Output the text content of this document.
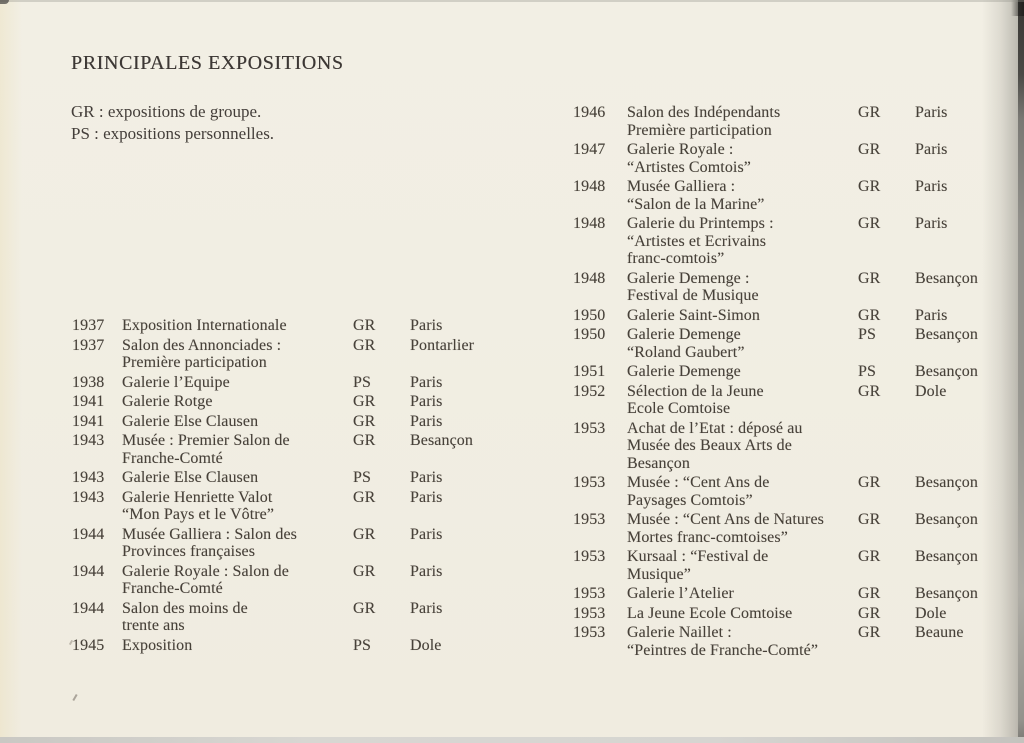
PRINCIPALES EXPOSITIONS
GR : expositions de groupe.
PS : expositions personnelles.
1937	Exposition Internationale	GR	Paris
1937	Salon des Annonciades :
Première participation
GR	Pontarlier
1938	Galerie l’Equipe	PS	Paris
1941	Galerie Rotge	GR	Paris
1941	Galerie Else Clausen	GR	Paris
1943	Musée : Premier Salon de
Franche-Comté
GR	Besançon
1943	Galerie Else Clausen	PS	Paris
1943	Galerie Henriette Valot
“Mon Pays et le Vôtre”
GR	Paris
1944	Musée Galliera : Salon des
Provinces françaises
GR	Paris
1944	Galerie Royale : Salon de
Franche-Comté
GR	Paris
1944	Salon des moins de
trente ans
GR	Paris
1945	Exposition	PS	Dole
1946	Salon des Indépendants
Première participation
GR	Paris
1947	Galerie Royale :
“Artistes Comtois”
GR	Paris
1948	Musée Galliera :
“Salon de la Marine”
GR	Paris
1948	Galerie du Printemps :
“Artistes et Ecrivains
franc-comtois”
GR	Paris
1948	Galerie Demenge :
Festival de Musique
GR	Besançon
1950	Galerie Saint-Simon	GR	Paris
1950	Galerie Demenge
“Roland Gaubert”
PS	Besançon
1951	Galerie Demenge	PS	Besançon
1952	Sélection de la Jeune
Ecole Comtoise
GR	Dole
1953	Achat de l’Etat : déposé au
Musée des Beaux Arts de
Besançon
1953	Musée : “Cent Ans de
Paysages Comtois”
GR	Besançon
1953	Musée : “Cent Ans de Natures
Mortes franc-comtoises”
GR	Besançon
1953	Kursaal : “Festival de
Musique”
GR	Besançon
1953	Galerie l’Atelier	GR	Besançon
1953	La Jeune Ecole Comtoise	GR	Dole
1953	Galerie Naillet :
“Peintres de Franche-Comté”
GR	Beaune
